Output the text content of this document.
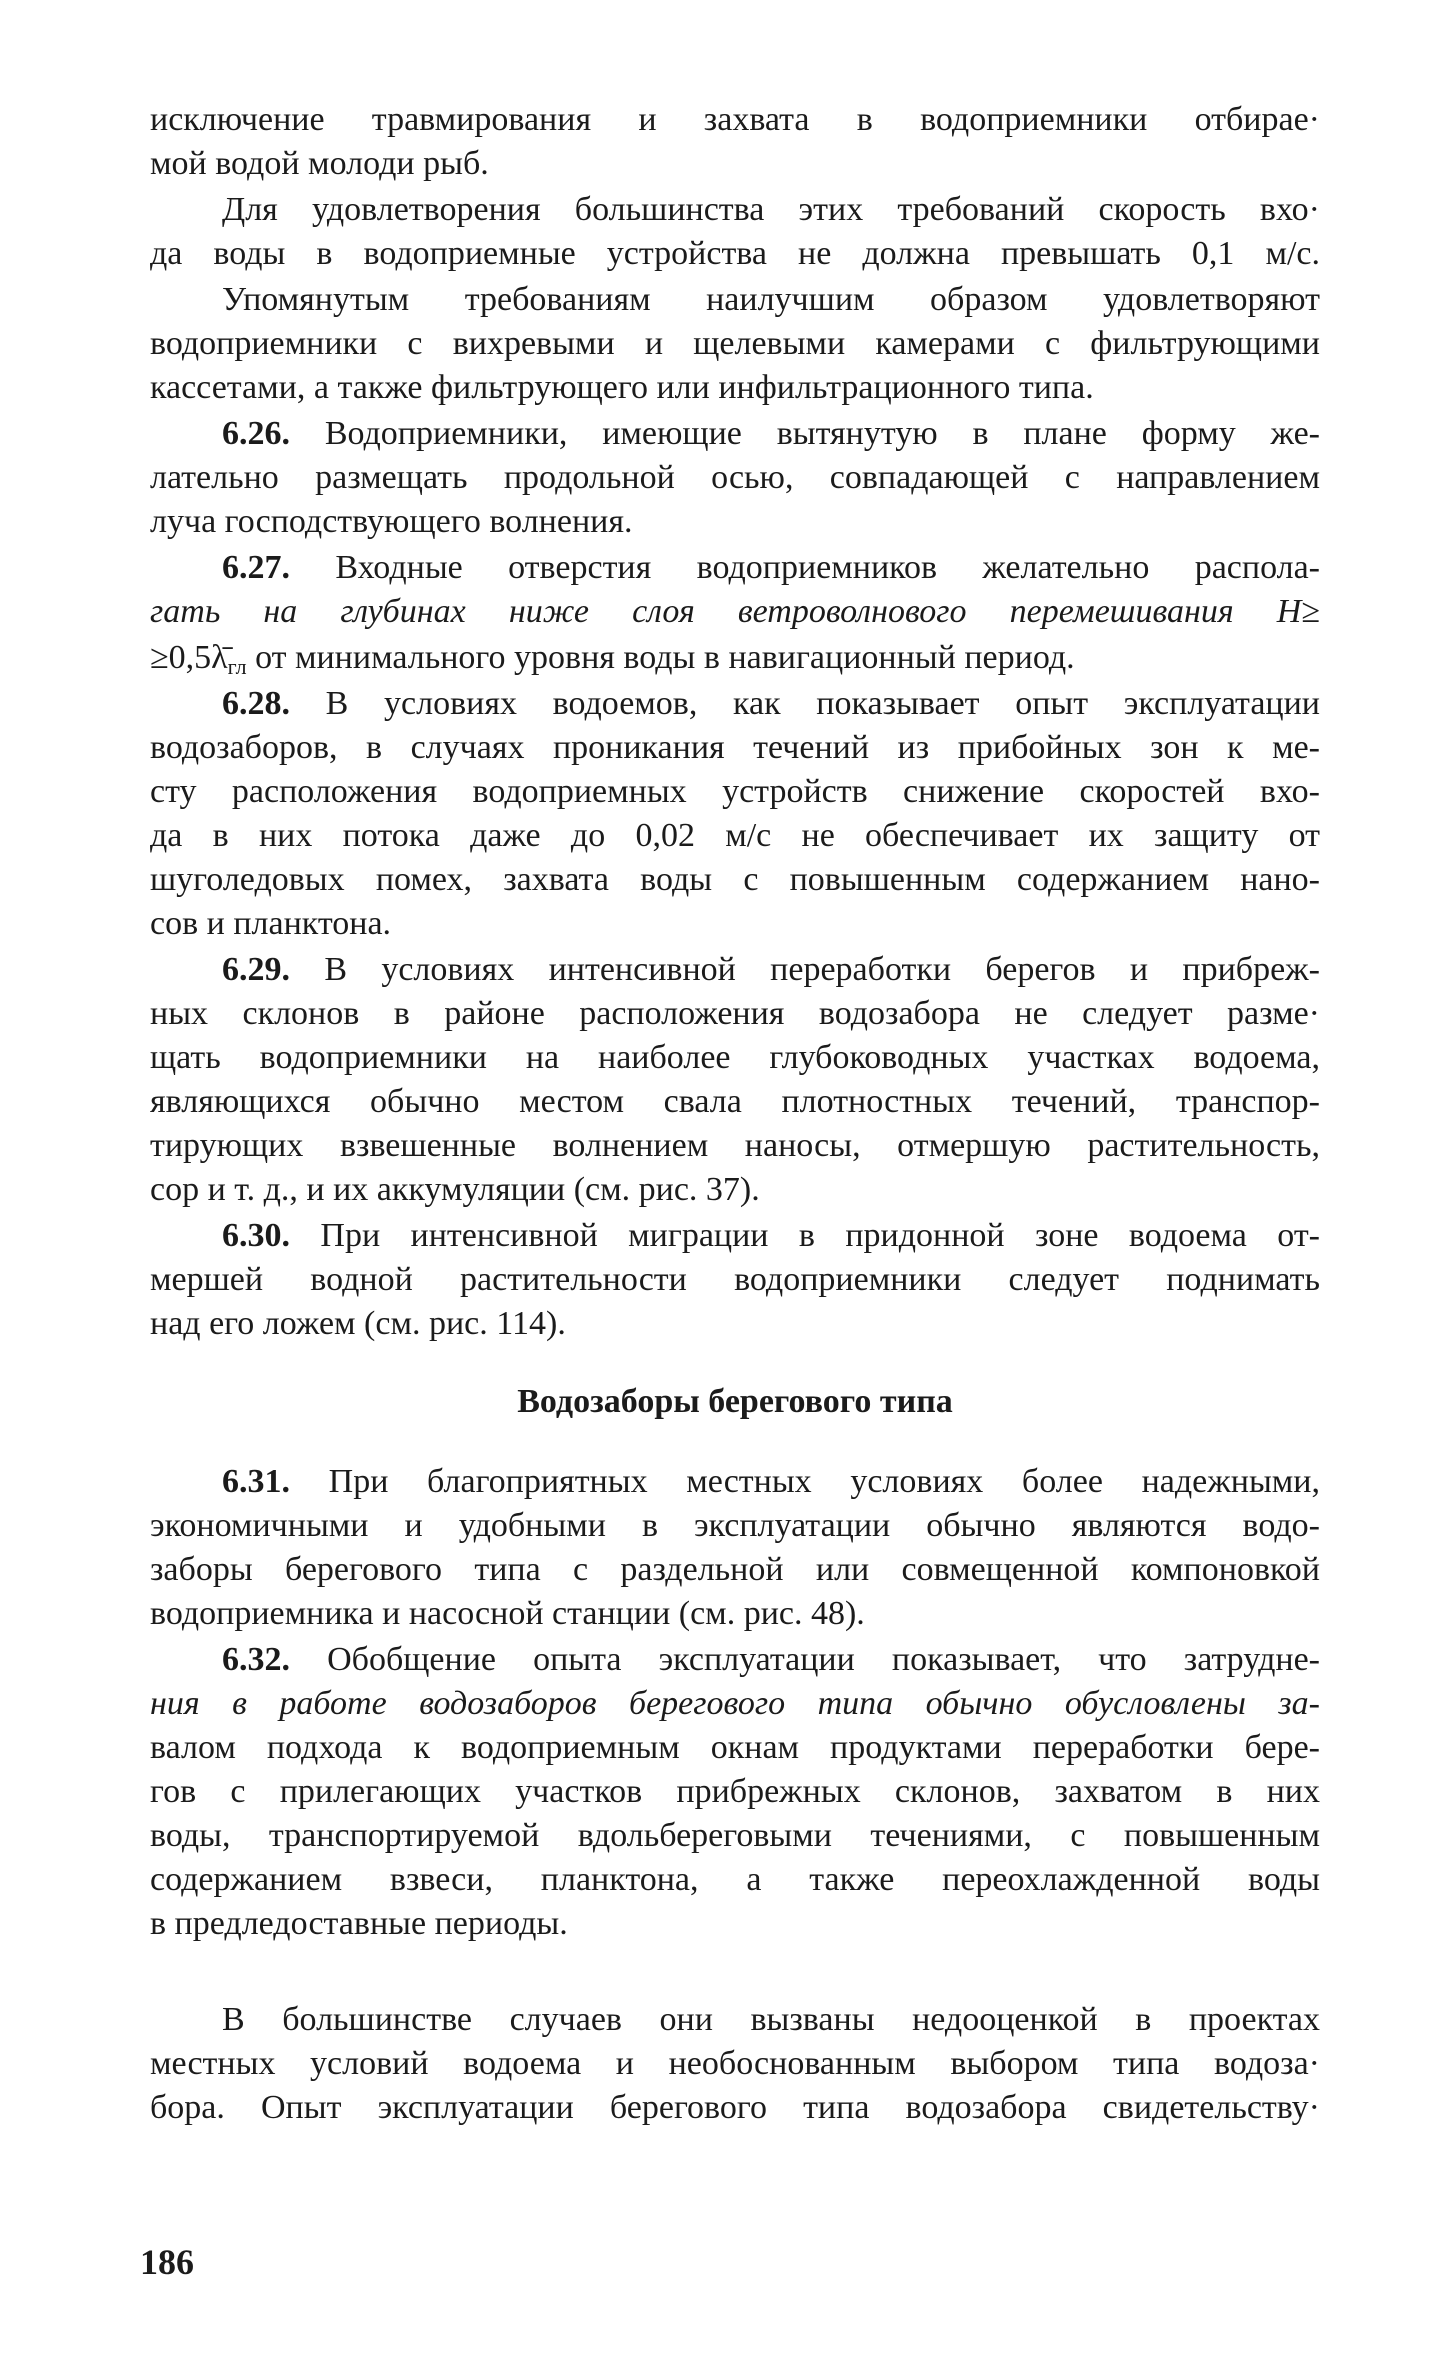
исключение травмирования и захвата в водоприемники отбирае·
мой водой молоди рыб.
Для удовлетворения большинства этих требований скорость вхо·
да воды в водоприемные устройства не должна превышать 0,1 м/с.
Упомянутым требованиям наилучшим образом удовлетворяют
водоприемники с вихревыми и щелевыми камерами с фильтрующими
кассетами, а также фильтрующего или инфильтрационного типа.
6.26. Водоприемники, имеющие вытянутую в плане форму же-
лательно размещать продольной осью, совпадающей с направлением
луча господствующего волнения.
6.27. Входные отверстия водоприемников желательно распола-
гать на глубинах ниже слоя ветроволнового перемешивания H≥
$\ge 0,5\lambdā_{гл}$ от минимального уровня воды в навигационный период.
6.28. В условиях водоемов, как показывает опыт эксплуатации
водозаборов, в случаях проникания течений из прибойных зон к ме-
сту расположения водоприемных устройств снижение скоростей вхо-
да в них потока даже до 0,02 м/с не обеспечивает их защиту от
шуголедовых помех, захвата воды с повышенным содержанием нано-
сов и планктона.
6.29. В условиях интенсивной переработки берегов и прибреж-
ных склонов в районе расположения водозабора не следует разме·
щать водоприемники на наиболее глубоководных участках водоема,
являющихся обычно местом свала плотностных течений, транспор-
тирующих взвешенные волнением наносы, отмершую растительность,
сор и т. д., и их аккумуляции (см. рис. 37).
6.30. При интенсивной миграции в придонной зоне водоема от-
мершей водной растительности водоприемники следует поднимать
над его ложем (см. рис. 114).
Водозаборы берегового типа
6.31. При благоприятных местных условиях более надежными,
экономичными и удобными в эксплуатации обычно являются водо-
заборы берегового типа с раздельной или совмещенной компоновкой
водоприемника и насосной станции (см. рис. 48).
6.32. Обобщение опыта эксплуатации показывает, что затрудне-
ния в работе водозаборов берегового типа обычно обусловлены за-
валом подхода к водоприемным окнам продуктами переработки бере-
гов с прилегающих участков прибрежных склонов, захватом в них
воды, транспортируемой вдольбереговыми течениями, с повышенным
содержанием взвеси, планктона, а также переохлажденной воды
в предледоставные периоды.
В большинстве случаев они вызваны недооценкой в проектах
местных условий водоема и необоснованным выбором типа водоза·
бора. Опыт эксплуатации берегового типа водозабора свидетельству·
186
